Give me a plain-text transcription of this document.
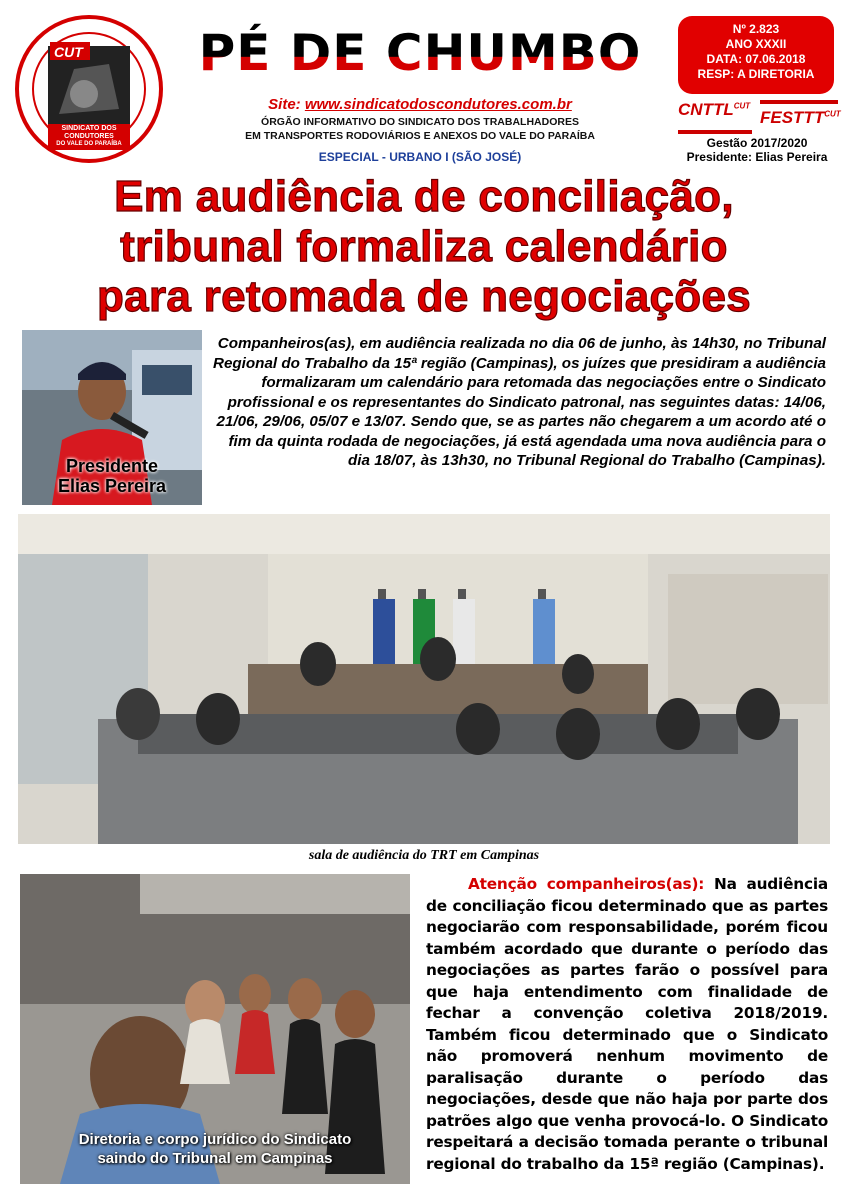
CUT
SINDICATO DOS
CONDUTORES
DO VALE DO PARAÍBA
PÉ DE CHUMBO
Site: www.sindicatodoscondutores.com.br
ÓRGÃO INFORMATIVO DO SINDICATO DOS TRABALHADORES
EM TRANSPORTES RODOVIÁRIOS E ANEXOS DO VALE DO PARAÍBA
ESPECIAL - URBANO I (SÃO JOSÉ)
Nº 2.823
ANO XXXII
DATA: 07.06.2018
RESP: A DIRETORIA
$CNTTL^{CUT}$
$FESTTT^{CUT}$
Gestão 2017/2020
Presidente: Elias Pereira
Em audiência de conciliação,
tribunal formaliza calendário
para retomada de negociações
Presidente
Elias Pereira
Companheiros(as), em audiência realizada no dia 06 de junho, às 14h30, no Tribunal Regional do Trabalho da 15ª região (Campinas), os juízes que presidiram a audiência formalizaram um calendário para retomada das negociações entre o Sindicato profissional e os representantes do Sindicato patronal, nas seguintes datas: 14/06, 21/06, 29/06, 05/07 e 13/07. Sendo que, se as partes não chegarem a um acordo até o fim da quinta rodada de negociações, já está agendada uma nova audiência para o dia 18/07, às 13h30, no Tribunal Regional do Trabalho (Campinas).
sala de audiência do TRT em Campinas
Diretoria e corpo jurídico do Sindicato
saindo do Tribunal em Campinas
Atenção companheiros(as): Na audiência de conciliação ficou determinado que as partes negociarão com responsabilidade, porém ficou também acordado que durante o período das negociações as partes farão o possível para que haja entendimento com finalidade de fechar a convenção coletiva 2018/2019. Também ficou determinado que o Sindicato não promoverá nenhum movimento de paralisação durante o período das negociações, desde que não haja por parte dos patrões algo que venha provocá-lo. O Sindicato respeitará a decisão tomada perante o tribunal regional do trabalho da 15ª região (Campinas).
